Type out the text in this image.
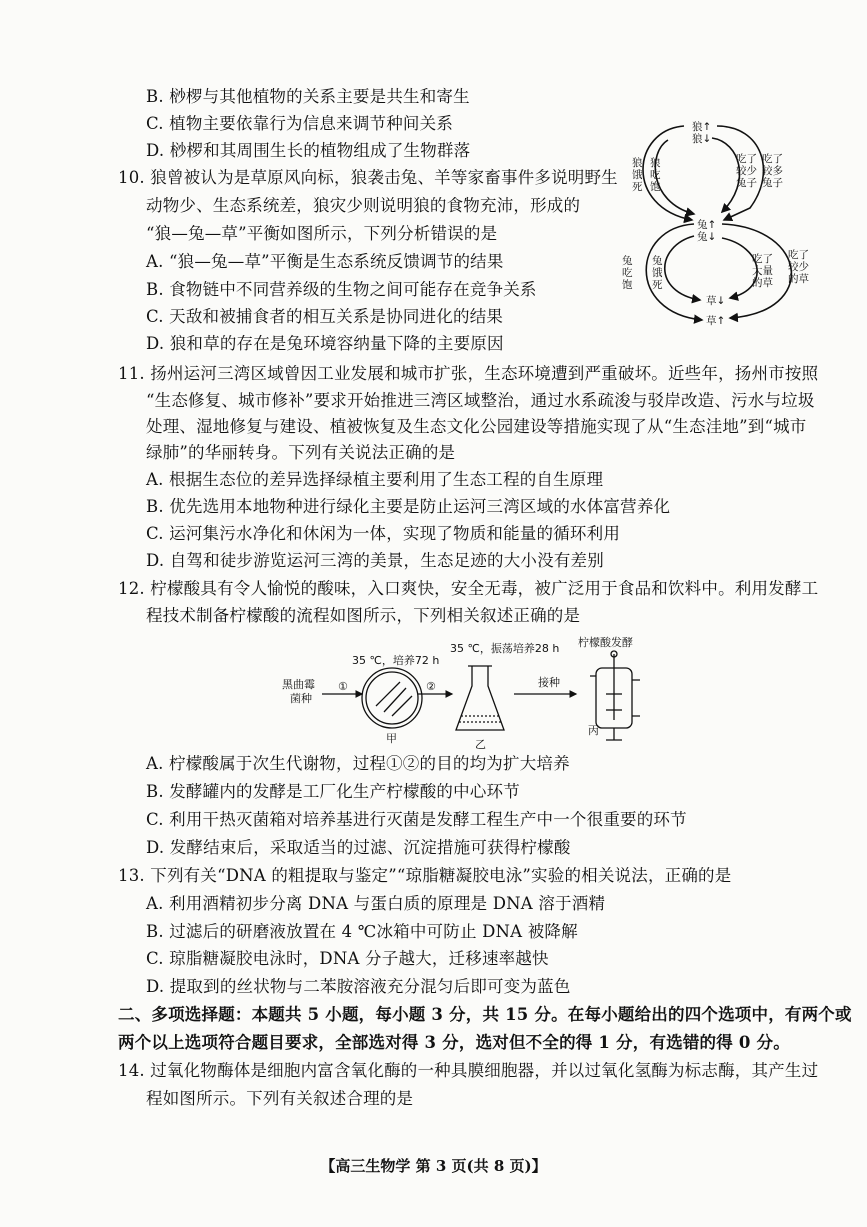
B. 桫椤与其他植物的关系主要是共生和寄生
C. 植物主要依靠行为信息来调节种间关系
D. 桫椤和其周围生长的植物组成了生物群落
10. 狼曾被认为是草原风向标，狼袭击兔、羊等家畜事件多说明野生
动物少、生态系统差，狼灾少则说明狼的食物充沛，形成的
“狼—兔—草”平衡如图所示，下列分析错误的是
A. “狼—兔—草”平衡是生态系统反馈调节的结果
B. 食物链中不同营养级的生物之间可能存在竞争关系
C. 天敌和被捕食者的相互关系是协同进化的结果
D. 狼和草的存在是兔环境容纳量下降的主要原因
狼↑
狼↓
狼
饿
死
狼
吃
饱
吃了
较少
兔子
吃了
较多
兔子
兔↑
兔↓
兔
吃
饱
兔
饿
死
吃了
大量
的草
吃了
较少
的草
草↓
草↑
11. 扬州运河三湾区域曾因工业发展和城市扩张，生态环境遭到严重破坏。近些年，扬州市按照
“生态修复、城市修补”要求开始推进三湾区域整治，通过水系疏浚与驳岸改造、污水与垃圾
处理、湿地修复与建设、植被恢复及生态文化公园建设等措施实现了从“生态洼地”到“城市
绿肺”的华丽转身。下列有关说法正确的是
A. 根据生态位的差异选择绿植主要利用了生态工程的自生原理
B. 优先选用本地物种进行绿化主要是防止运河三湾区域的水体富营养化
C. 运河集污水净化和休闲为一体，实现了物质和能量的循环利用
D. 自驾和徒步游览运河三湾的美景，生态足迹的大小没有差别
12. 柠檬酸具有令人愉悦的酸味，入口爽快，安全无毒，被广泛用于食品和饮料中。利用发酵工
程技术制备柠檬酸的流程如图所示，下列相关叙述正确的是
黑曲霉
菌种
①	②
35 ℃，培养72 h
35 ℃，振荡培养28 h
接种
柠檬酸发酵
甲	乙
丙
A. 柠檬酸属于次生代谢物，过程①②的目的均为扩大培养
B. 发酵罐内的发酵是工厂化生产柠檬酸的中心环节
C. 利用干热灭菌箱对培养基进行灭菌是发酵工程生产中一个很重要的环节
D. 发酵结束后，采取适当的过滤、沉淀措施可获得柠檬酸
13. 下列有关“DNA 的粗提取与鉴定”“琼脂糖凝胶电泳”实验的相关说法，正确的是
A. 利用酒精初步分离 DNA 与蛋白质的原理是 DNA 溶于酒精
B. 过滤后的研磨液放置在 4 ℃冰箱中可防止 DNA 被降解
C. 琼脂糖凝胶电泳时，DNA 分子越大，迁移速率越快
D. 提取到的丝状物与二苯胺溶液充分混匀后即可变为蓝色
二、多项选择题：本题共 5 小题，每小题 3 分，共 15 分。在每小题给出的四个选项中，有两个或
两个以上选项符合题目要求，全部选对得 3 分，选对但不全的得 1 分，有选错的得 0 分。
14. 过氧化物酶体是细胞内富含氧化酶的一种具膜细胞器，并以过氧化氢酶为标志酶，其产生过
程如图所示。下列有关叙述合理的是
【高三生物学 第 3 页(共 8 页)】
